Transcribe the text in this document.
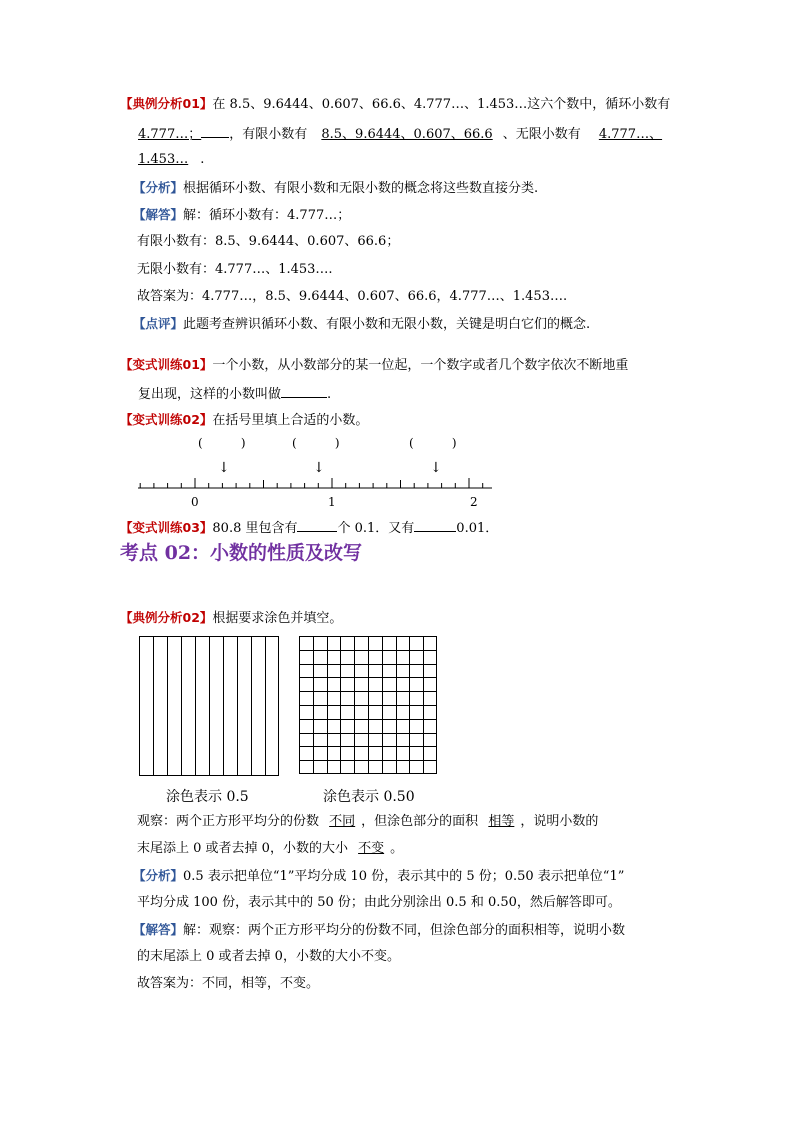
【典例分析01】在 8.5、9.6444、0.607、66.6、4.777…、1.453…这六个数中，循环小数有
4.777…； ，有限小数有 8.5、9.6444、0.607、66.6 、无限小数有 4.777…、
1.453… .
【分析】根据循环小数、有限小数和无限小数的概念将这些数直接分类.
【解答】解：循环小数有：4.777…；
有限小数有：8.5、9.6444、0.607、66.6；
无限小数有：4.777…、1.453….
故答案为：4.777…，8.5、9.6444、0.607、66.6，4.777…、1.453….
【点评】此题考查辨识循环小数、有限小数和无限小数，关键是明白它们的概念.
【变式训练01】一个小数，从小数部分的某一位起，一个数字或者几个数字依次不断地重
复出现，这样的小数叫做	.
【变式训练02】在括号里填上合适的小数。
(          )	(          )	(          )
↓	↓	↓
0	1	2
【变式训练03】80.8 里包含有	个 0.1．又有	0.01．
考点 02：小数的性质及改写
【典例分析02】根据要求涂色并填空。
涂色表示 0.5	涂色表示 0.50
观察：两个正方形平均分的份数 不同 ，但涂色部分的面积 相等 ，说明小数的
末尾添上 0 或者去掉 0，小数的大小 不变 。
【分析】0.5 表示把单位“1”平均分成 10 份，表示其中的 5 份；0.50 表示把单位“1”
平均分成 100 份，表示其中的 50 份；由此分别涂出 0.5 和 0.50，然后解答即可。
【解答】解：观察：两个正方形平均分的份数不同，但涂色部分的面积相等，说明小数
的末尾添上 0 或者去掉 0，小数的大小不变。
故答案为：不同，相等，不变。
